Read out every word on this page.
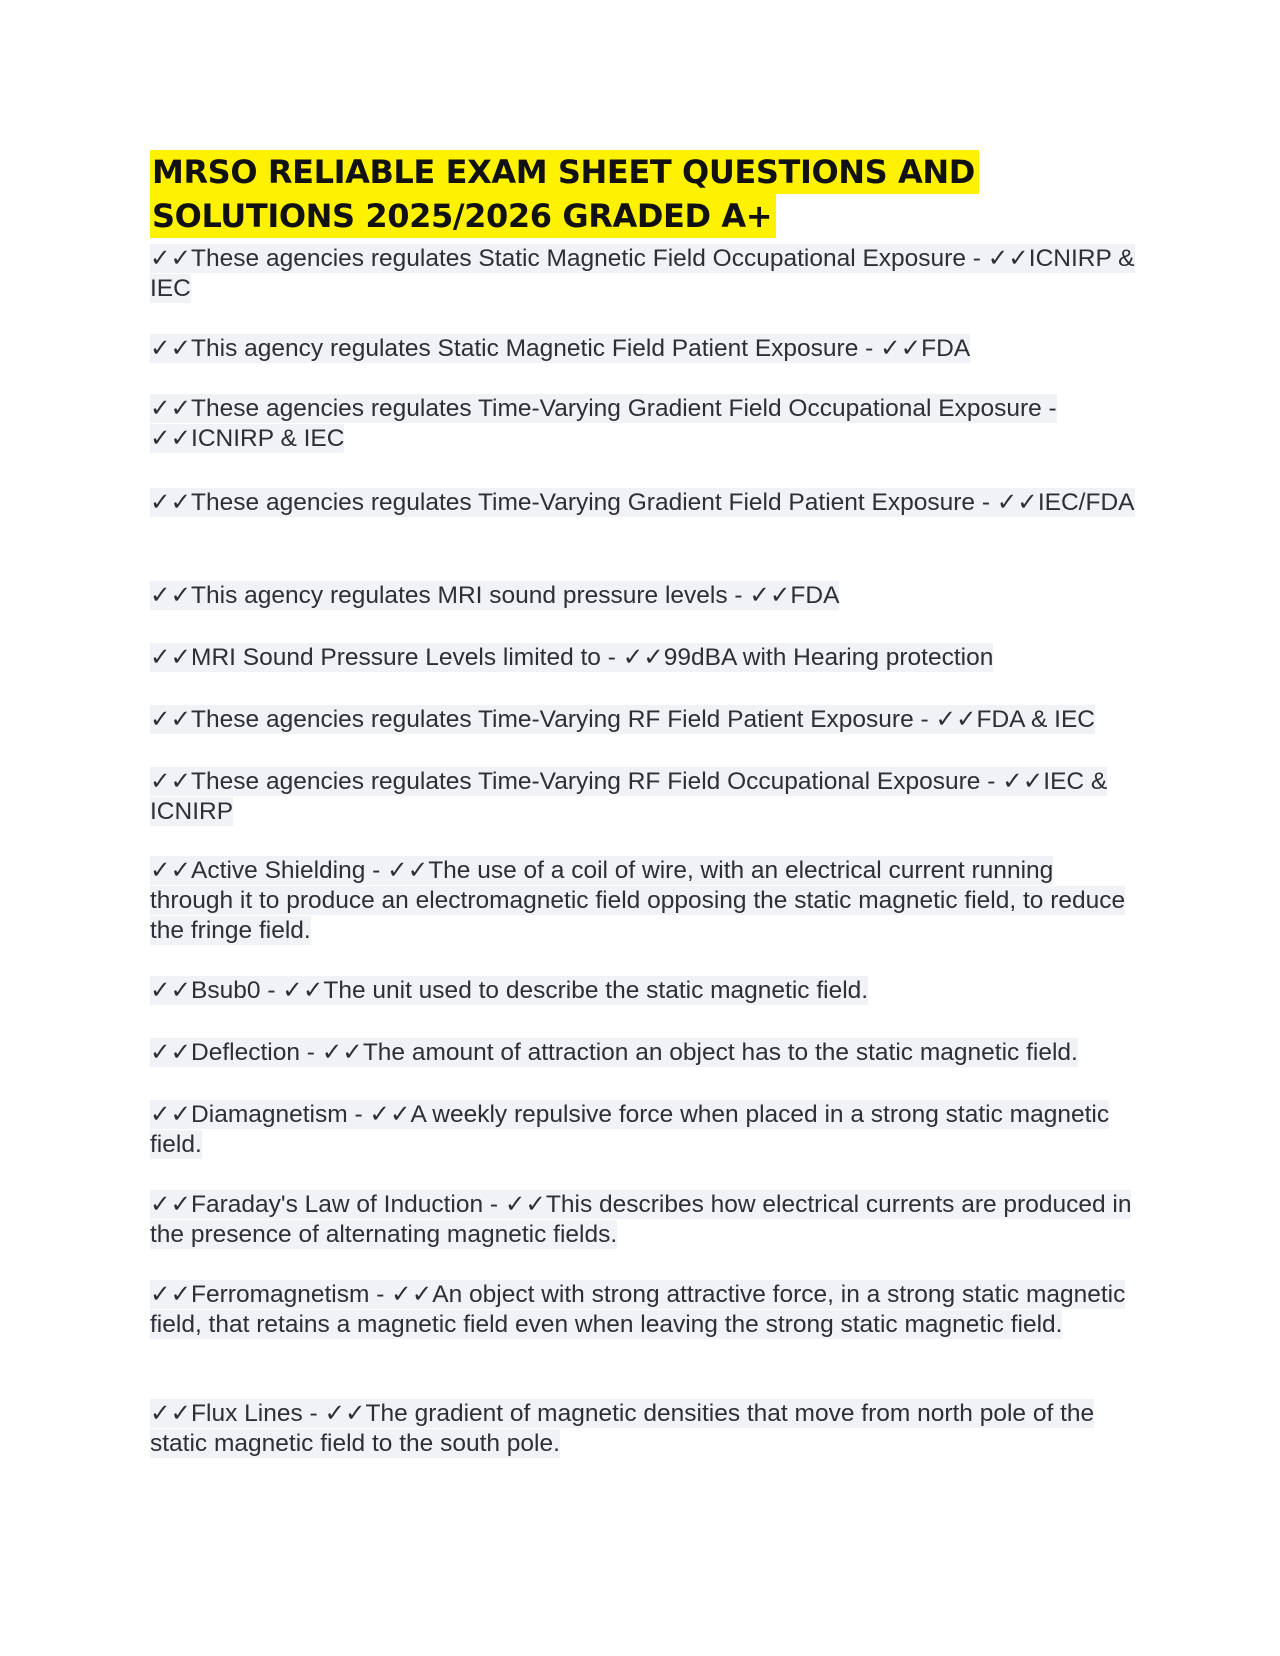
MRSO RELIABLE EXAM SHEET QUESTIONS AND
SOLUTIONS 2025/2026 GRADED A+

✓✓These agencies regulates Static Magnetic Field Occupational Exposure - ✓✓ICNIRP & IEC

✓✓This agency regulates Static Magnetic Field Patient Exposure - ✓✓FDA

✓✓These agencies regulates Time-Varying Gradient Field Occupational Exposure - ✓✓ICNIRP & IEC

✓✓These agencies regulates Time-Varying Gradient Field Patient Exposure - ✓✓IEC/FDA

✓✓This agency regulates MRI sound pressure levels - ✓✓FDA

✓✓MRI Sound Pressure Levels limited to - ✓✓99dBA with Hearing protection

✓✓These agencies regulates Time-Varying RF Field Patient Exposure - ✓✓FDA & IEC

✓✓These agencies regulates Time-Varying RF Field Occupational Exposure - ✓✓IEC & ICNIRP

✓✓Active Shielding - ✓✓The use of a coil of wire, with an electrical current running through it to produce an electromagnetic field opposing the static magnetic field, to reduce the fringe field.

✓✓Bsub0 - ✓✓The unit used to describe the static magnetic field.

✓✓Deflection - ✓✓The amount of attraction an object has to the static magnetic field.

✓✓Diamagnetism - ✓✓A weekly repulsive force when placed in a strong static magnetic field.

✓✓Faraday's Law of Induction - ✓✓This describes how electrical currents are produced in the presence of alternating magnetic fields.

✓✓Ferromagnetism - ✓✓An object with strong attractive force, in a strong static magnetic field, that retains a magnetic field even when leaving the strong static magnetic field.

✓✓Flux Lines - ✓✓The gradient of magnetic densities that move from north pole of the static magnetic field to the south pole.
